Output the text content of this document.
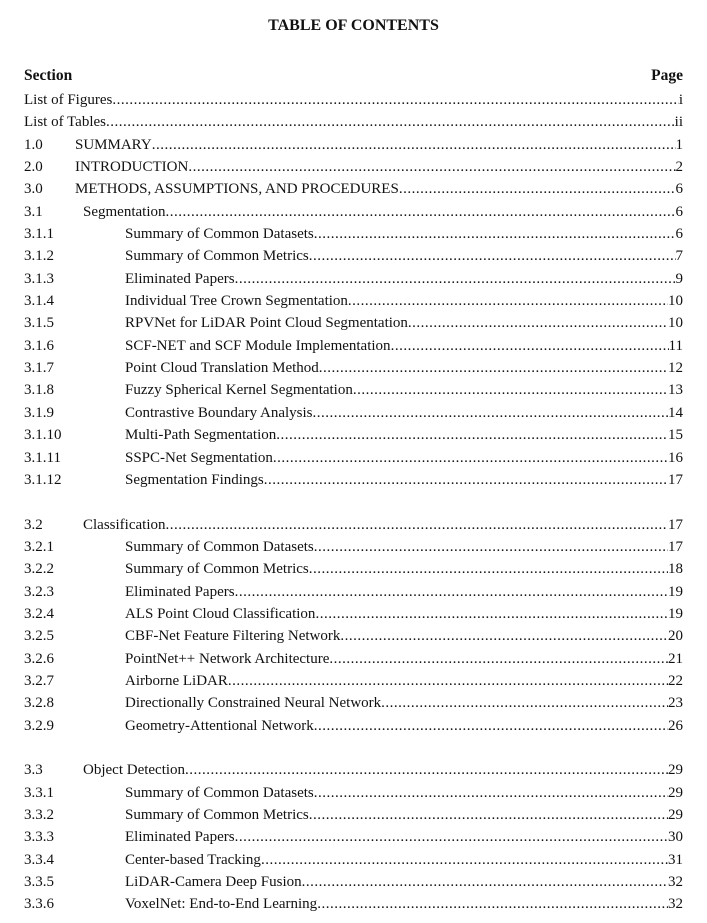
TABLE OF CONTENTS
Section	Page
List of Figures .....	i
List of Tables .....	ii
1.0	SUMMARY .....	1
2.0	INTRODUCTION .....	2
3.0	METHODS, ASSUMPTIONS, AND PROCEDURES .....	6
3.1	Segmentation .....	6
3.1.1	Summary of Common Datasets .....	6
3.1.2	Summary of Common Metrics .....	7
3.1.3	Eliminated Papers .....	9
3.1.4	Individual Tree Crown Segmentation .....	10
3.1.5	RPVNet for LiDAR Point Cloud Segmentation .....	10
3.1.6	SCF-NET and SCF Module Implementation .....	11
3.1.7	Point Cloud Translation Method .....	12
3.1.8	Fuzzy Spherical Kernel Segmentation .....	13
3.1.9	Contrastive Boundary Analysis .....	14
3.1.10	Multi-Path Segmentation .....	15
3.1.11	SSPC-Net Segmentation .....	16
3.1.12	Segmentation Findings .....	17
3.2	Classification .....	17
3.2.1	Summary of Common Datasets .....	17
3.2.2	Summary of Common Metrics .....	18
3.2.3	Eliminated Papers .....	19
3.2.4	ALS Point Cloud Classification .....	19
3.2.5	CBF-Net Feature Filtering Network .....	20
3.2.6	PointNet++ Network Architecture .....	21
3.2.7	Airborne LiDAR .....	22
3.2.8	Directionally Constrained Neural Network .....	23
3.2.9	Geometry-Attentional Network .....	26
3.3	Object Detection .....	29
3.3.1	Summary of Common Datasets .....	29
3.3.2	Summary of Common Metrics .....	29
3.3.3	Eliminated Papers .....	30
3.3.4	Center-based Tracking .....	31
3.3.5	LiDAR-Camera Deep Fusion .....	32
3.3.6	VoxelNet: End-to-End Learning .....	32
